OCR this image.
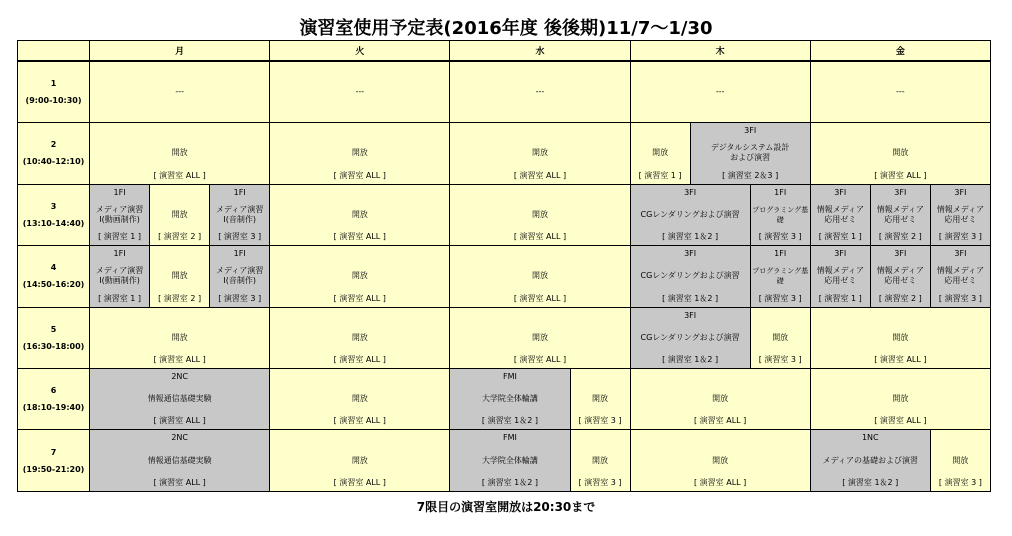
演習室使用予定表(2016年度 後後期)11/7〜1/30
	月			火	水		木			金		

1
(9:00-10:30)	---			---	---		---			---		

2
(10:40-12:10)	開放
[ 演習室 ALL ]			開放
[ 演習室 ALL ]	開放
[ 演習室 ALL ]		開放
[ 演習室 1 ]	3FI
デジタルシステム設計
および演習
[ 演習室 2＆3 ]		開放
[ 演習室 ALL ]		

3
(13:10-14:40)	1FI
メディア演習
I(動画制作)
[ 演習室 1 ]	開放
[ 演習室 2 ]	1FI
メディア演習
I(音制作)
[ 演習室 3 ]	開放
[ 演習室 ALL ]	開放
[ 演習室 ALL ]		3FI
CGレンダリングおよび演習
[ 演習室 1＆2 ]		1FI
プログラミング基
礎
[ 演習室 3 ]	3FI
情報メディア
応用ゼミ
[ 演習室 1 ]	3FI
情報メディア
応用ゼミ
[ 演習室 2 ]	3FI
情報メディア
応用ゼミ
[ 演習室 3 ]

4
(14:50-16:20)	1FI
メディア演習
I(動画制作)
[ 演習室 1 ]	開放
[ 演習室 2 ]	1FI
メディア演習
I(音制作)
[ 演習室 3 ]	開放
[ 演習室 ALL ]	開放
[ 演習室 ALL ]		3FI
CGレンダリングおよび演習
[ 演習室 1＆2 ]		1FI
プログラミング基
礎
[ 演習室 3 ]	3FI
情報メディア
応用ゼミ
[ 演習室 1 ]	3FI
情報メディア
応用ゼミ
[ 演習室 2 ]	3FI
情報メディア
応用ゼミ
[ 演習室 3 ]

5
(16:30-18:00)	開放
[ 演習室 ALL ]			開放
[ 演習室 ALL ]	開放
[ 演習室 ALL ]		3FI
CGレンダリングおよび演習
[ 演習室 1＆2 ]		開放
[ 演習室 3 ]	開放
[ 演習室 ALL ]		

6
(18:10-19:40)	2NC
情報通信基礎実験
[ 演習室 ALL ]			開放
[ 演習室 ALL ]	FMI
大学院全体輪講
[ 演習室 1＆2 ]	開放
[ 演習室 3 ]	開放
[ 演習室 ALL ]			開放
[ 演習室 ALL ]		

7
(19:50-21:20)	2NC
情報通信基礎実験
[ 演習室 ALL ]			開放
[ 演習室 ALL ]	FMI
大学院全体輪講
[ 演習室 1＆2 ]	開放
[ 演習室 3 ]	開放
[ 演習室 ALL ]			1NC
メディアの基礎および演習
[ 演習室 1＆2 ]		開放
[ 演習室 3 ]
7限目の演習室開放は20:30まで
